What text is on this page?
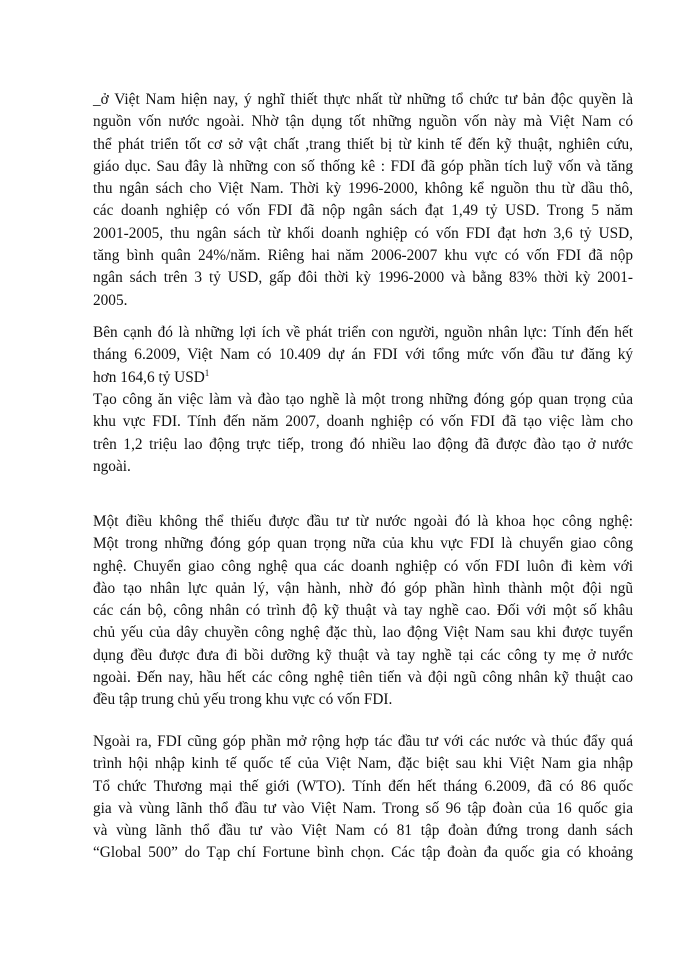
_ở Việt Nam hiện nay, ý nghĩ thiết thực nhất từ những tổ chức tư bản độc quyền là
nguồn vốn nước ngoài. Nhờ tận dụng tốt những nguồn vốn này mà Việt Nam có
thể phát triển tốt cơ sở vật chất ,trang thiết bị từ kinh tế đến kỹ thuật, nghiên cứu,
giáo dục. Sau đây là những con số thống kê : FDI đã góp phần tích luỹ vốn và tăng
thu ngân sách cho Việt Nam. Thời kỳ 1996-2000, không kể nguồn thu từ dầu thô,
các doanh nghiệp có vốn FDI đã nộp ngân sách đạt 1,49 tỷ USD. Trong 5 năm
2001-2005, thu ngân sách từ khối doanh nghiệp có vốn FDI đạt hơn 3,6 tỷ USD,
tăng bình quân 24%/năm. Riêng hai năm 2006-2007 khu vực có vốn FDI đã nộp
ngân sách trên 3 tỷ USD, gấp đôi thời kỳ 1996-2000 và bằng 83% thời kỳ 2001-
2005.
Bên cạnh đó là những lợi ích về phát triển con người, nguồn nhân lực: Tính đến hết
tháng 6.2009, Việt Nam có 10.409 dự án FDI với tổng mức vốn đầu tư đăng ký
hơn 164,6 tỷ USD$^1$
Tạo công ăn việc làm và đào tạo nghề là một trong những đóng góp quan trọng của
khu vực FDI. Tính đến năm 2007, doanh nghiệp có vốn FDI đã tạo việc làm cho
trên 1,2 triệu lao động trực tiếp, trong đó nhiều lao động đã được đào tạo ở nước
ngoài.
Một điều không thể thiếu được đầu tư từ nước ngoài đó là khoa học công nghệ:
Một trong những đóng góp quan trọng nữa của khu vực FDI là chuyển giao công
nghệ. Chuyển giao công nghệ qua các doanh nghiệp có vốn FDI luôn đi kèm với
đào tạo nhân lực quản lý, vận hành, nhờ đó góp phần hình thành một đội ngũ
các cán bộ, công nhân có trình độ kỹ thuật và tay nghề cao. Đối với một số khâu
chủ yếu của dây chuyền công nghệ đặc thù, lao động Việt Nam sau khi được tuyển
dụng đều được đưa đi bồi dưỡng kỹ thuật và tay nghề tại các công ty mẹ ở nước
ngoài. Đến nay, hầu hết các công nghệ tiên tiến và đội ngũ công nhân kỹ thuật cao
đều tập trung chủ yếu trong khu vực có vốn FDI.
Ngoài ra, FDI cũng góp phần mở rộng hợp tác đầu tư với các nước và thúc đẩy quá
trình hội nhập kinh tế quốc tế của Việt Nam, đặc biệt sau khi Việt Nam gia nhập
Tổ chức Thương mại thế giới (WTO). Tính đến hết tháng 6.2009, đã có 86 quốc
gia và vùng lãnh thổ đầu tư vào Việt Nam. Trong số 96 tập đoàn của 16 quốc gia
và vùng lãnh thổ đầu tư vào Việt Nam có 81 tập đoàn đứng trong danh sách
“Global 500” do Tạp chí Fortune bình chọn. Các tập đoàn đa quốc gia có khoảng
